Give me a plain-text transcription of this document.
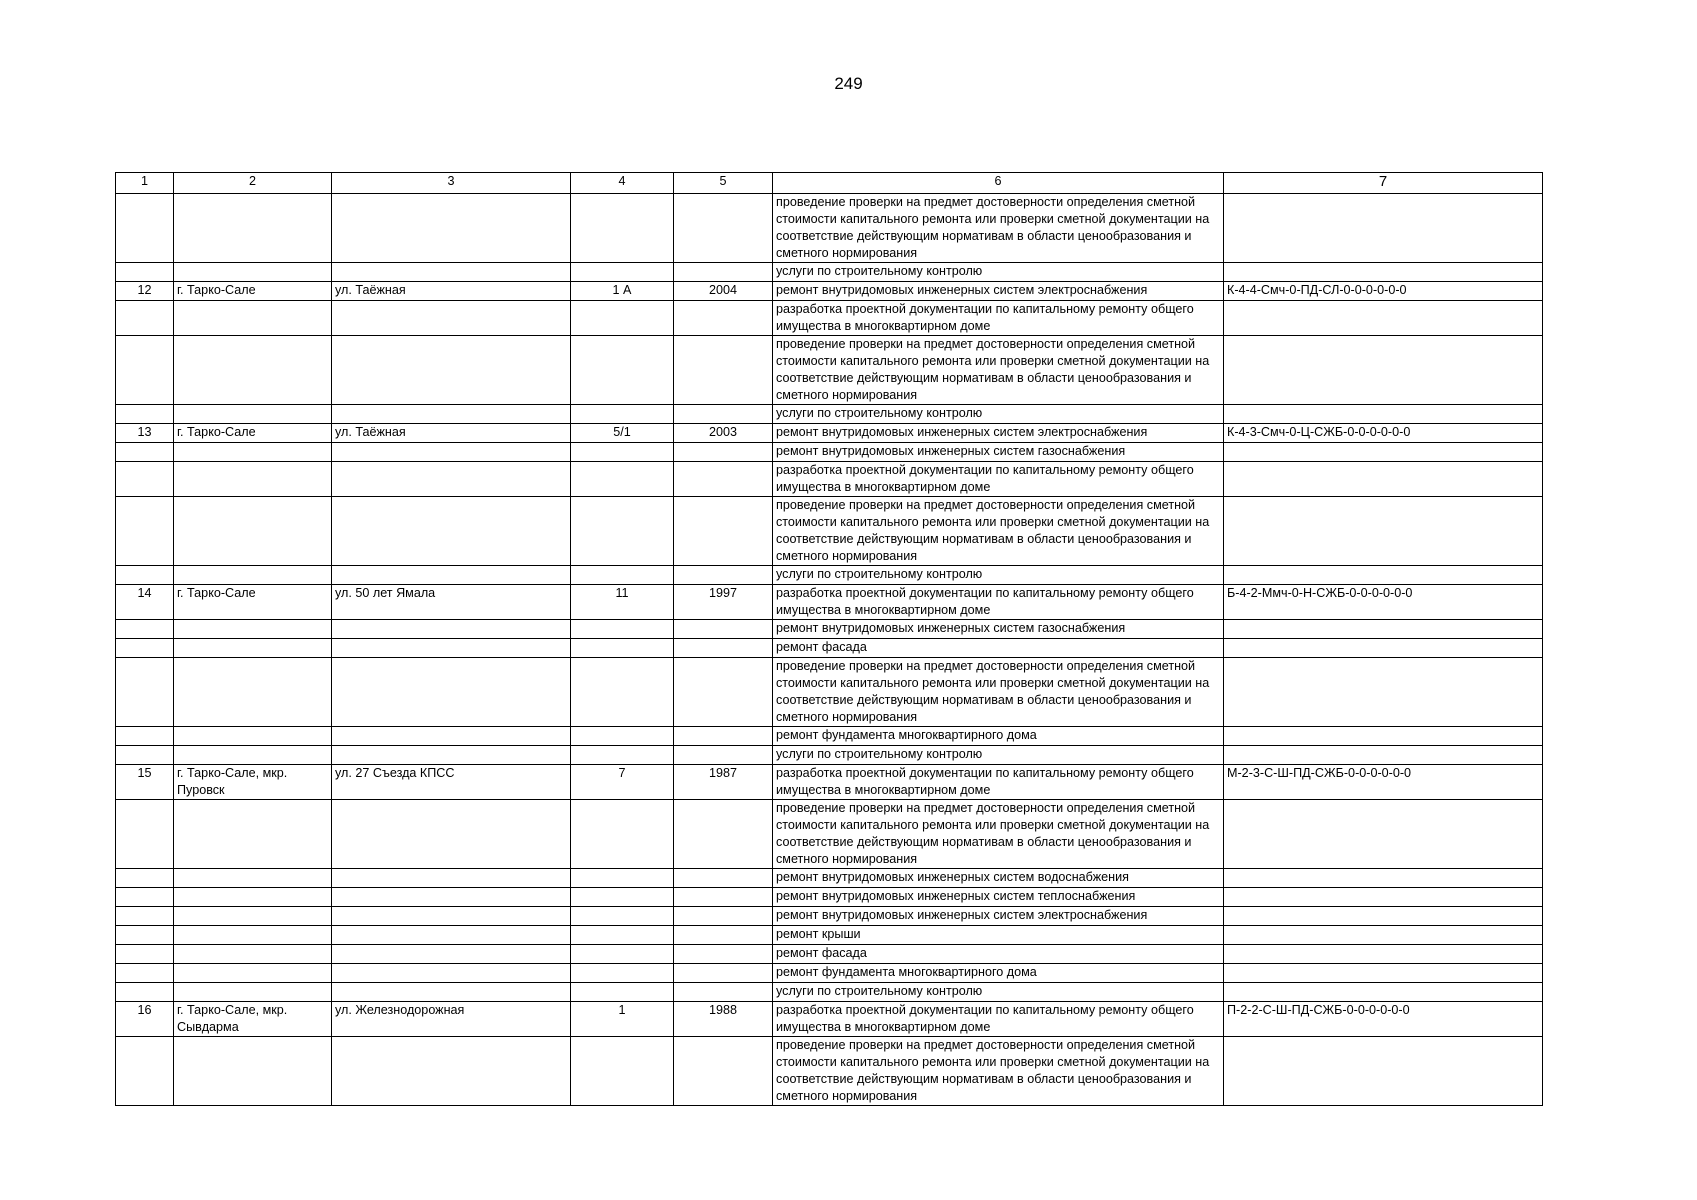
249
1	2	3	4	5	6	7
					проведение проверки на предмет достоверности определения сметной стоимости капитального ремонта или проверки сметной документации на соответствие действующим нормативам в области ценообразования и сметного нормирования	
					услуги по строительному контролю	
12	г. Тарко-Сале	ул. Таёжная	1 А	2004	ремонт внутридомовых инженерных систем электроснабжения	К-4-4-Смч-0-ПД-СЛ-0-0-0-0-0-0
					разработка проектной документации по капитальному ремонту общего имущества в многоквартирном доме	
					проведение проверки на предмет достоверности определения сметной стоимости капитального ремонта или проверки сметной документации на соответствие действующим нормативам в области ценообразования и сметного нормирования	
					услуги по строительному контролю	
13	г. Тарко-Сале	ул. Таёжная	5/1	2003	ремонт внутридомовых инженерных систем электроснабжения	К-4-3-Смч-0-Ц-СЖБ-0-0-0-0-0-0
					ремонт внутридомовых инженерных систем газоснабжения	
					разработка проектной документации по капитальному ремонту общего имущества в многоквартирном доме	
					проведение проверки на предмет достоверности определения сметной стоимости капитального ремонта или проверки сметной документации на соответствие действующим нормативам в области ценообразования и сметного нормирования	
					услуги по строительному контролю	
14	г. Тарко-Сале	ул. 50 лет Ямала	11	1997	разработка проектной документации по капитальному ремонту общего имущества в многоквартирном доме	Б-4-2-Ммч-0-Н-СЖБ-0-0-0-0-0-0
					ремонт внутридомовых инженерных систем газоснабжения	
					ремонт фасада	
					проведение проверки на предмет достоверности определения сметной стоимости капитального ремонта или проверки сметной документации на соответствие действующим нормативам в области ценообразования и сметного нормирования	
					ремонт фундамента многоквартирного дома	
					услуги по строительному контролю	
15	г. Тарко-Сале, мкр. Пуровск	ул. 27 Съезда КПСС	7	1987	разработка проектной документации по капитальному ремонту общего имущества в многоквартирном доме	М-2-3-С-Ш-ПД-СЖБ-0-0-0-0-0-0
					проведение проверки на предмет достоверности определения сметной стоимости капитального ремонта или проверки сметной документации на соответствие действующим нормативам в области ценообразования и сметного нормирования	
					ремонт внутридомовых инженерных систем водоснабжения	
					ремонт внутридомовых инженерных систем теплоснабжения	
					ремонт внутридомовых инженерных систем электроснабжения	
					ремонт крыши	
					ремонт фасада	
					ремонт фундамента многоквартирного дома	
					услуги по строительному контролю	
16	г. Тарко-Сале, мкр. Сывдарма	ул. Железнодорожная	1	1988	разработка проектной документации по капитальному ремонту общего имущества в многоквартирном доме	П-2-2-С-Ш-ПД-СЖБ-0-0-0-0-0-0
					проведение проверки на предмет достоверности определения сметной стоимости капитального ремонта или проверки сметной документации на соответствие действующим нормативам в области ценообразования и сметного нормирования	
